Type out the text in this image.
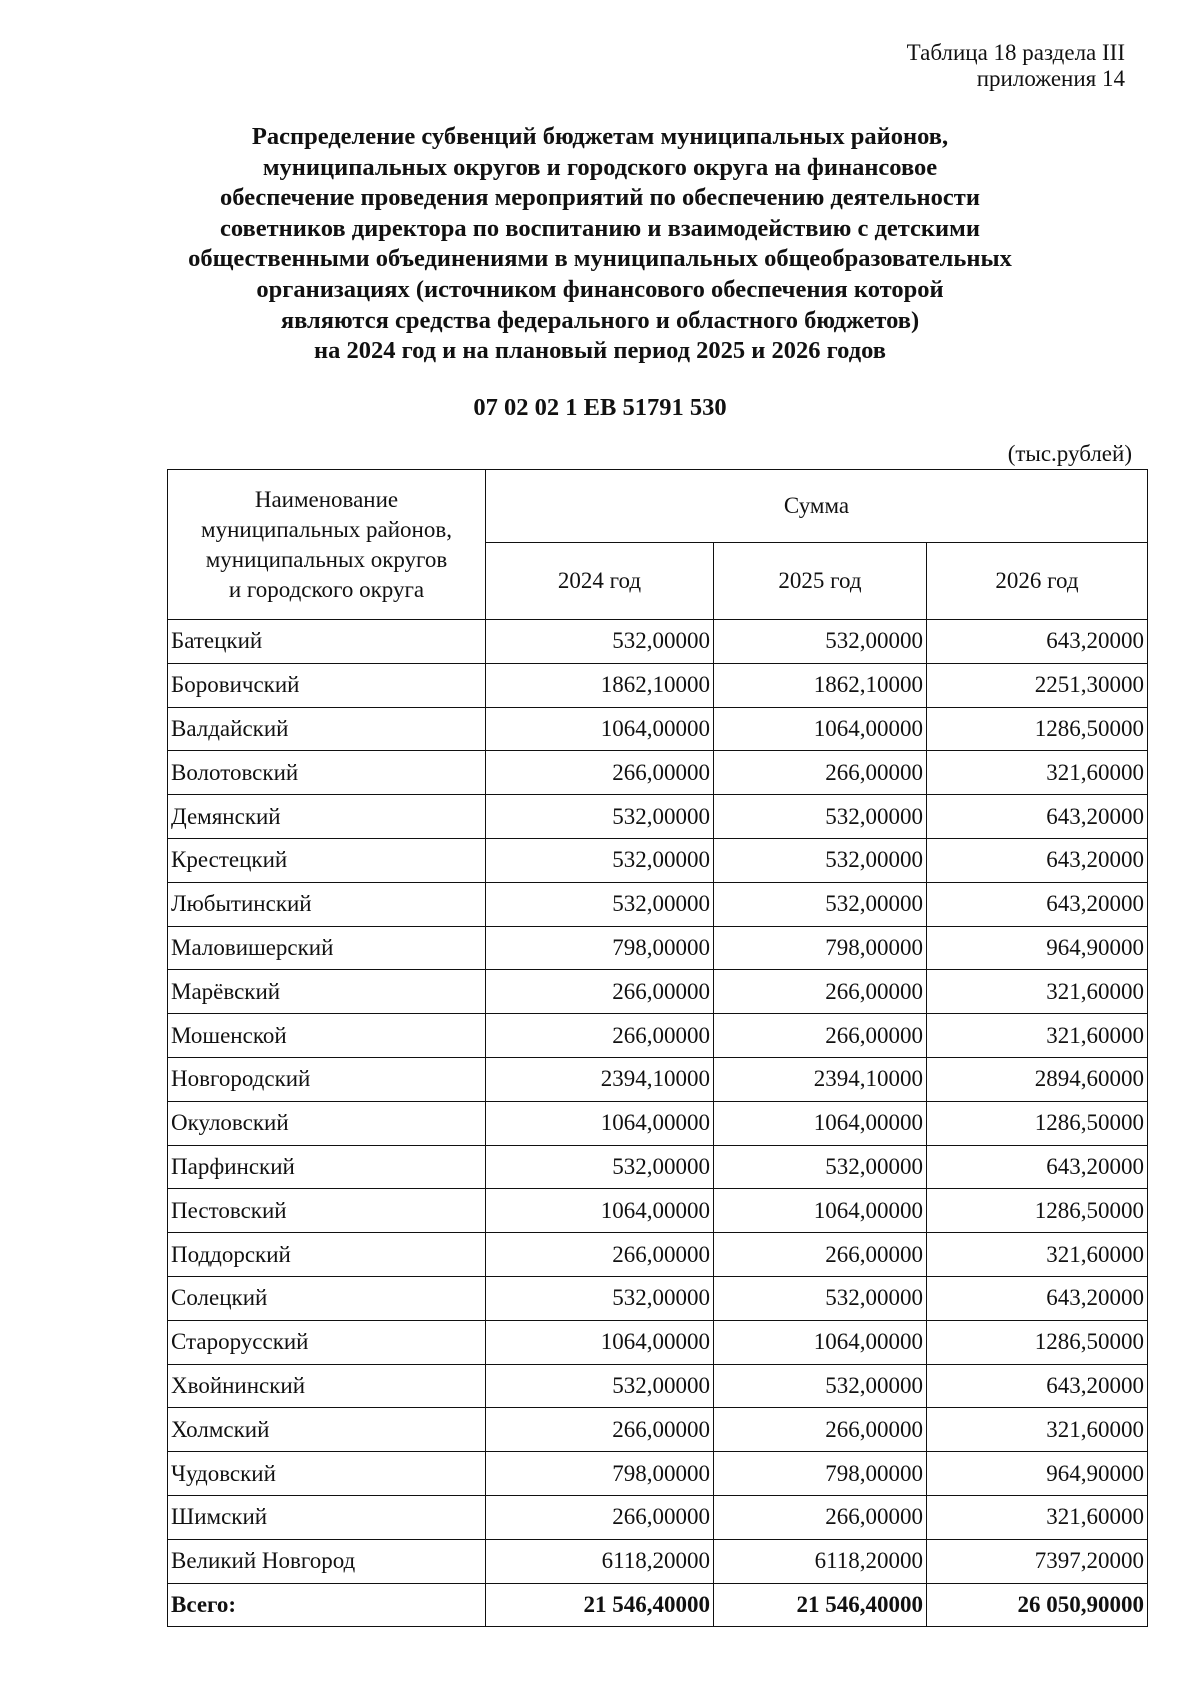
Таблица 18 раздела III
приложения 14
Распределение субвенций бюджетам муниципальных районов,
муниципальных округов и городского округа на финансовое
обеспечение проведения мероприятий по обеспечению деятельности
советников директора по воспитанию и взаимодействию с детскими
общественными объединениями в муниципальных общеобразовательных
организациях (источником финансового обеспечения которой
являются средства федерального и областного бюджетов)
на 2024 год и на плановый период 2025 и 2026 годов
07 02 02 1 ЕВ 51791 530
(тыс.рублей)
Наименование
муниципальных районов,
муниципальных округов
и городского округа	Сумма		
	2024 год	2025 год	2026 год
Батецкий	532,00000	532,00000	643,20000
Боровичский	1862,10000	1862,10000	2251,30000
Валдайский	1064,00000	1064,00000	1286,50000
Волотовский	266,00000	266,00000	321,60000
Демянский	532,00000	532,00000	643,20000
Крестецкий	532,00000	532,00000	643,20000
Любытинский	532,00000	532,00000	643,20000
Маловишерский	798,00000	798,00000	964,90000
Марёвский	266,00000	266,00000	321,60000
Мошенской	266,00000	266,00000	321,60000
Новгородский	2394,10000	2394,10000	2894,60000
Окуловский	1064,00000	1064,00000	1286,50000
Парфинский	532,00000	532,00000	643,20000
Пестовский	1064,00000	1064,00000	1286,50000
Поддорский	266,00000	266,00000	321,60000
Солецкий	532,00000	532,00000	643,20000
Старорусский	1064,00000	1064,00000	1286,50000
Хвойнинский	532,00000	532,00000	643,20000
Холмский	266,00000	266,00000	321,60000
Чудовский	798,00000	798,00000	964,90000
Шимский	266,00000	266,00000	321,60000
Великий Новгород	6118,20000	6118,20000	7397,20000
Всего:	21 546,40000	21 546,40000	26 050,90000
